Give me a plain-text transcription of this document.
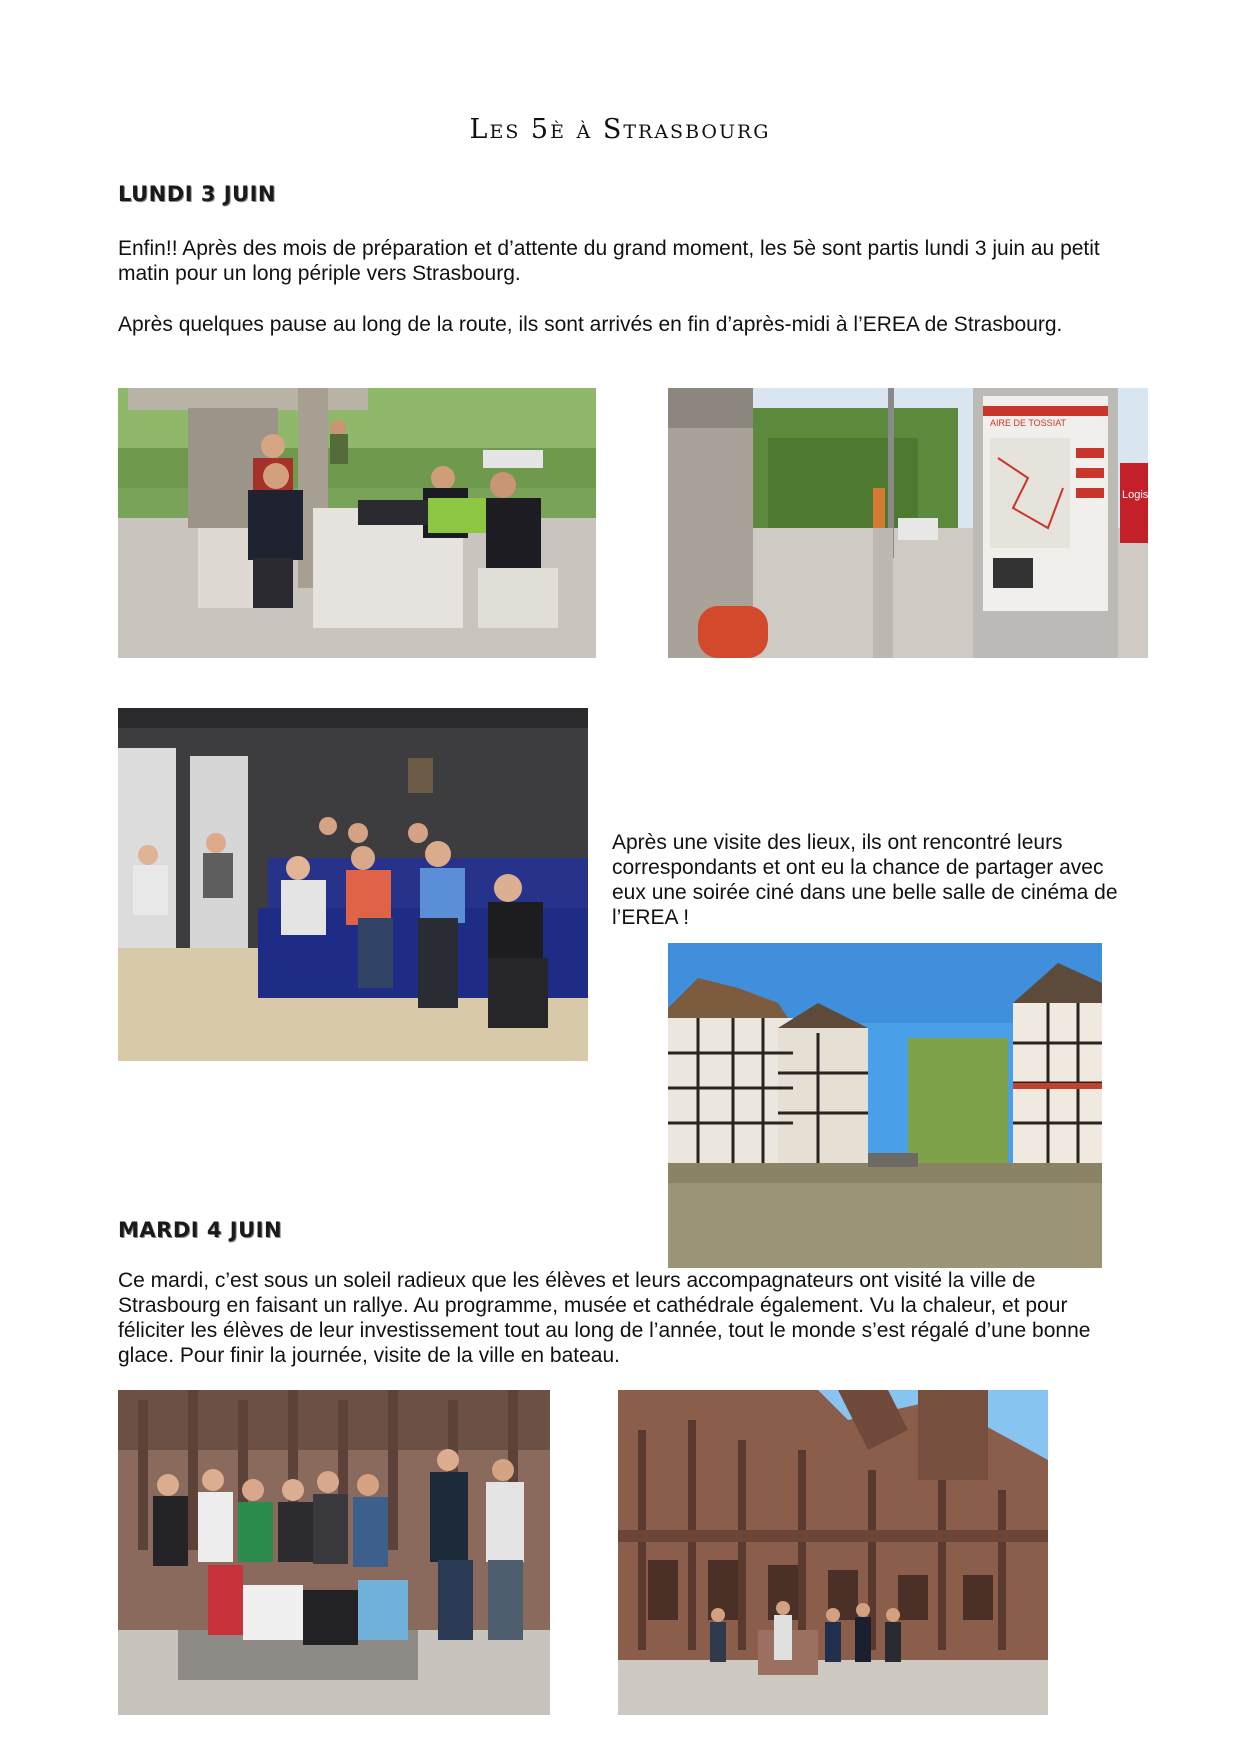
Les 5è à Strasbourg
LUNDI 3 JUIN
Enfin!! Après des mois de préparation et d’attente du grand moment, les 5è sont partis lundi 3 juin au petit matin pour un long périple vers Strasbourg.
Après quelques pause au long de la route, ils sont arrivés en fin d’après-midi à l’EREA de Strasbourg.
AIRE DE TOSSIAT
Logis
Après une visite des lieux, ils ont rencontré leurs correspondants et ont eu la chance de partager avec eux une soirée ciné dans une belle salle de cinéma de l’EREA !
MARDI 4 JUIN
Ce mardi, c’est sous un soleil radieux que les élèves et leurs accompagnateurs ont visité la ville de Strasbourg en faisant un rallye. Au programme, musée et cathédrale également. Vu la chaleur, et pour féliciter les élèves de leur investissement tout au long de l’année, tout le monde s’est régalé d’une bonne glace. Pour finir la journée, visite de la ville en bateau.
